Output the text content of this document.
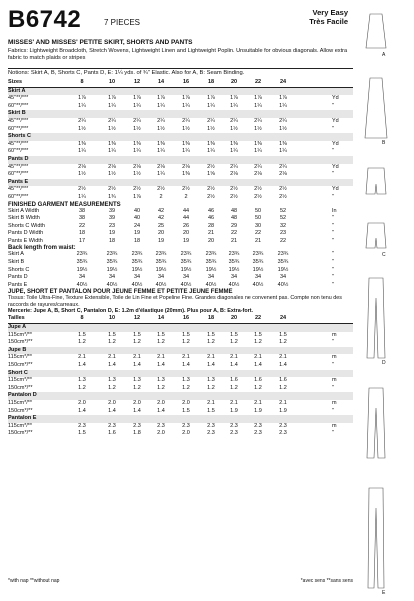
B6742	7 PIECES
Very Easy
Très Facile
MISSES' AND MISSES' PETITE SKIRT, SHORTS AND PANTS
Fabrics: Lightweight Broadcloth, Stretch Wovens, Lightweight Linen and Lightweight Poplin. Unsuitable for obvious diagonals. Allow extra fabric to match plaids or stripes
Notions: Skirt A, B, Shorts C, Pants D, E: 1¼ yds. of ¾" Elastic. Also for A, B: Seam Binding.
Sizes	8	10	12	14	16	18	20	22	24
Skirt A
45"**/***	1⅞	1⅞	1⅞	1⅞	1⅞	1⅞	1⅞	1⅞	1⅞	Yd
60"**/***	1¼	1¼	1¼	1¼	1¼	1¼	1¼	1¼	1¼	"
Skirt B
45"**/***	2¼	2¼	2¼	2¼	2¼	2¼	2¼	2¼	2¼	Yd
60"**/***	1½	1½	1½	1½	1½	1½	1½	1½	1½	"
Shorts C
45"**/***	1⅜	1⅜	1⅜	1⅜	1⅜	1⅜	1⅜	1⅜	1⅜	Yd
60"**/***	1¼	1¼	1¼	1¼	1¼	1¼	1¼	1¼	1¼	"
Pants D
45"**/***	2⅛	2⅛	2⅛	2⅛	2⅛	2½	2¼	2¼	2¼	Yd
60"**/***	1½	1½	1½	1¼	1⅜	1⅝	2⅛	2⅛	2⅛	"
Pants E
45"**/***	2½	2½	2½	2½	2½	2½	2½	2½	2½	Yd
60"**/***	1¼	1¾	1⅞	2	2	2½	2½	2½	2½	"
FINISHED GARMENT MEASUREMENTS
Skirt A Width	38	39	40	42	44	46	48	50	52	In
Skirt B Width	38	39	40	42	44	46	48	50	52	"
Shorts C Width	22	23	24	25	26	28	29	30	32	"
Pants D Width	18	19	19	20	20	21	22	22	23	"
Pants E Width	17	18	18	19	19	20	21	21	22	"
Back length from waist:
Skirt A	23¾	23¾	23¾	23¾	23¾	23¾	23¾	23¾	23¾	"
Skirt B	35¾	35¾	35¾	35¾	35¾	35¾	35¾	35¾	35¾	"
Shorts C	19½	19½	19½	19½	19½	19½	19½	19½	19½	"
Pants D	34	34	34	34	34	34	34	34	34	"
Pants E	40½	40½	40½	40½	40½	40½	40½	40½	40½	"
JUPE, SHORT ET PANTALON POUR JEUNE FEMME ET PETITE JEUNE FEMME
Tissus: Toile Ultra-Fine, Texture Extensible, Toile de Lin Fine et Popeline Fine. Grandes diagonales ne convenent pas. Compte non tenu des raccords de rayures/carreaux.
Mercerie: Jupe A, B, Short C, Pantalon D, E: 1.2m d'élastique (20mm). Plus pour A, B: Extra-fort.
Tailles	8	10	12	14	16	18	20	22	24
Jupe A
115cm*/**	1.5	1.5	1.5	1.5	1.5	1.5	1.5	1.5	1.5	m
150cm*/**	1.2	1.2	1.2	1.2	1.2	1.2	1.2	1.2	1.2	"
Jupe B
115cm*/**	2.1	2.1	2.1	2.1	2.1	2.1	2.1	2.1	2.1	m
150cm*/**	1.4	1.4	1.4	1.4	1.4	1.4	1.4	1.4	1.4	"
Short C
115cm*/**	1.3	1.3	1.3	1.3	1.3	1.3	1.6	1.6	1.6	m
150cm*/**	1.2	1.2	1.2	1.2	1.2	1.2	1.2	1.2	1.2	"
Pantalon D
115cm*/**	2.0	2.0	2.0	2.0	2.0	2.1	2.1	2.1	2.1	m
150cm*/**	1.4	1.4	1.4	1.4	1.5	1.5	1.9	1.9	1.9	"
Pantalon E
115cm*/**	2.3	2.3	2.3	2.3	2.3	2.3	2.3	2.3	2.3	m
150cm*/**	1.5	1.6	1.8	2.0	2.0	2.3	2.3	2.3	2.3	"
A
B
C
D
E
*with nap **without nap	*avec sens **sans sens
